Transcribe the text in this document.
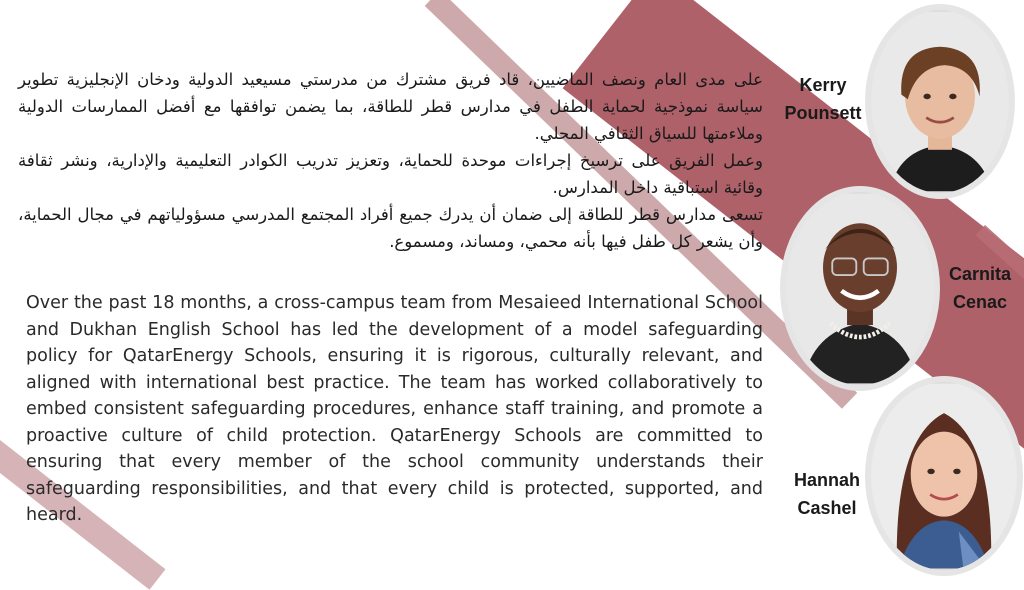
على مدى العام ونصف الماضيين، قاد فريق مشترك من مدرستي مسيعيد الدولية ودخان الإنجليزية تطوير سياسة نموذجية لحماية الطفل في مدارس قطر للطاقة، بما يضمن توافقها مع أفضل الممارسات الدولية وملاءمتها للسياق الثقافي المحلي.

وعمل الفريق على ترسيخ إجراءات موحدة للحماية، وتعزيز تدريب الكوادر التعليمية والإدارية، ونشر ثقافة وقائية استباقية داخل المدارس.

تسعى مدارس قطر للطاقة إلى ضمان أن يدرك جميع أفراد المجتمع المدرسي مسؤولياتهم في مجال الحماية، وأن يشعر كل طفل فيها بأنه محمي، ومساند، ومسموع.

Over the past 18 months, a cross-campus team from Mesaieed International School and Dukhan English School has led the development of a model safeguarding policy for QatarEnergy Schools, ensuring it is rigorous, culturally relevant, and aligned with international best practice. The team has worked collaboratively to embed consistent safeguarding procedures, enhance staff training, and promote a proactive culture of child protection. QatarEnergy Schools are committed to ensuring that every member of the school community understands their safeguarding responsibilities, and that every child is protected, supported, and heard.

Kerry
Pounsett
Carnita
Cenac
Hannah
Cashel
